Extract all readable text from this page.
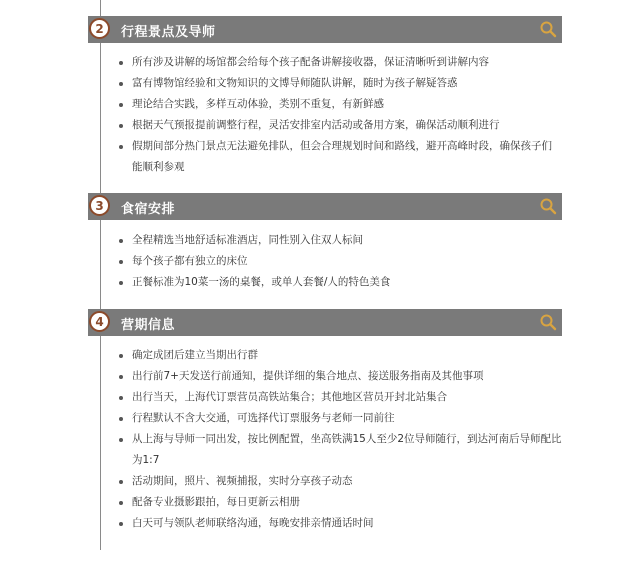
2	行程景点及导师
所有涉及讲解的场馆都会给每个孩子配备讲解接收器，保证清晰听到讲解内容
富有博物馆经验和文物知识的文博导师随队讲解，随时为孩子解疑答惑
理论结合实践，多样互动体验，类别不重复，有新鲜感
根据天气预报提前调整行程，灵活安排室内活动或备用方案，确保活动顺利进行
假期间部分热门景点无法避免排队，但会合理规划时间和路线，避开高峰时段，确保孩子们能顺利参观
3	食宿安排
全程精选当地舒适标准酒店，同性别入住双人标间
每个孩子都有独立的床位
正餐标准为10菜一汤的桌餐，或单人套餐/人的特色美食
4	营期信息
确定成团后建立当期出行群
出行前7+天发送行前通知，提供详细的集合地点、接送服务指南及其他事项
出行当天，上海代订票营员高铁站集合；其他地区营员开封北站集合
行程默认不含大交通，可选择代订票服务与老师一同前往
从上海与导师一同出发，按比例配置，坐高铁满15人至少2位导师随行，到达河南后导师配比为1:7
活动期间，照片、视频捕报，实时分享孩子动态
配备专业摄影跟拍，每日更新云相册
白天可与领队老师联络沟通，每晚安排亲情通话时间
